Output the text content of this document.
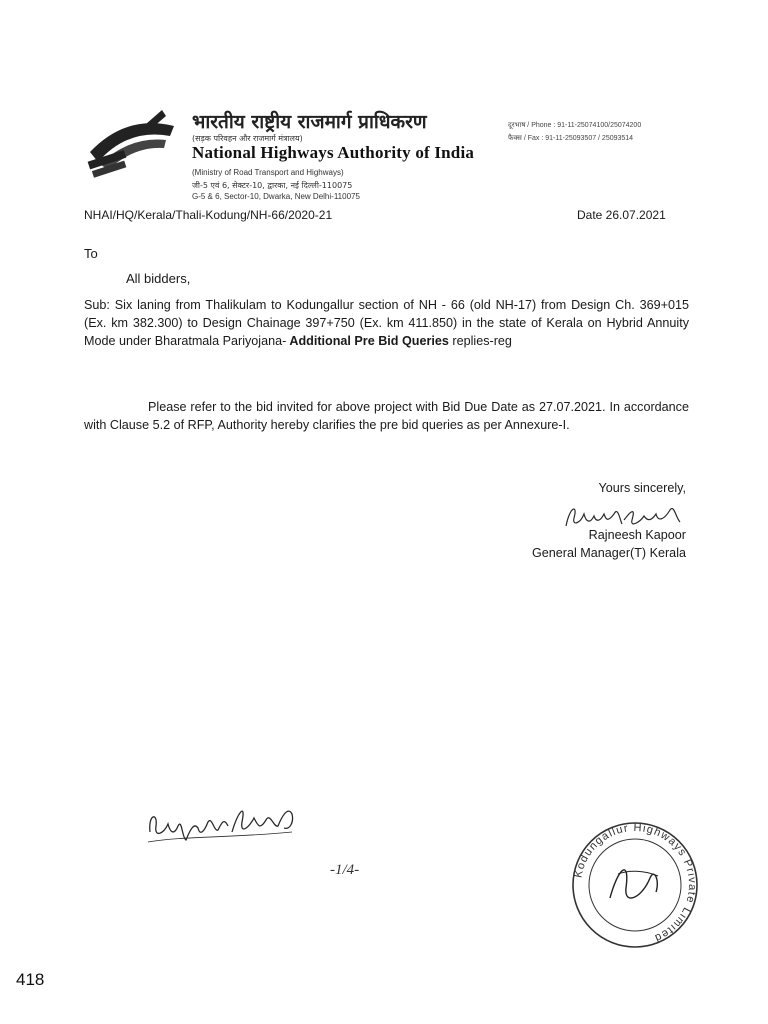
भारतीय राष्ट्रीय राजमार्ग प्राधिकरण
(सड़क परिवहन और राजमार्ग मंत्रालय)
National Highways Authority of India
(Ministry of Road Transport and Highways)
जी-5 एवं 6, सेक्टर-10, द्वारका, नई दिल्ली-110075
G-5 & 6, Sector-10, Dwarka, New Delhi-110075
दूरभाष / Phone : 91-11-25074100/25074200
फैक्स / Fax : 91-11-25093507 / 25093514
NHAI/HQ/Kerala/Thali-Kodung/NH-66/2020-21	Date 26.07.2021
To
All bidders,
Sub: Six laning from Thalikulam to Kodungallur section of NH - 66 (old NH-17) from Design Ch. 369+015 (Ex. km 382.300) to Design Chainage 397+750 (Ex. km 411.850) in the state of Kerala on Hybrid Annuity Mode under Bharatmala Pariyojana- Additional Pre Bid Queries replies-reg
Please refer to the bid invited for above project with Bid Due Date as 27.07.2021. In accordance with Clause 5.2 of RFP, Authority hereby clarifies the pre bid queries as per Annexure-I.
Yours sincerely,
Rajneesh Kapoor
General Manager(T) Kerala
-1/4-	Kodungallur Highways Private Limited
418
